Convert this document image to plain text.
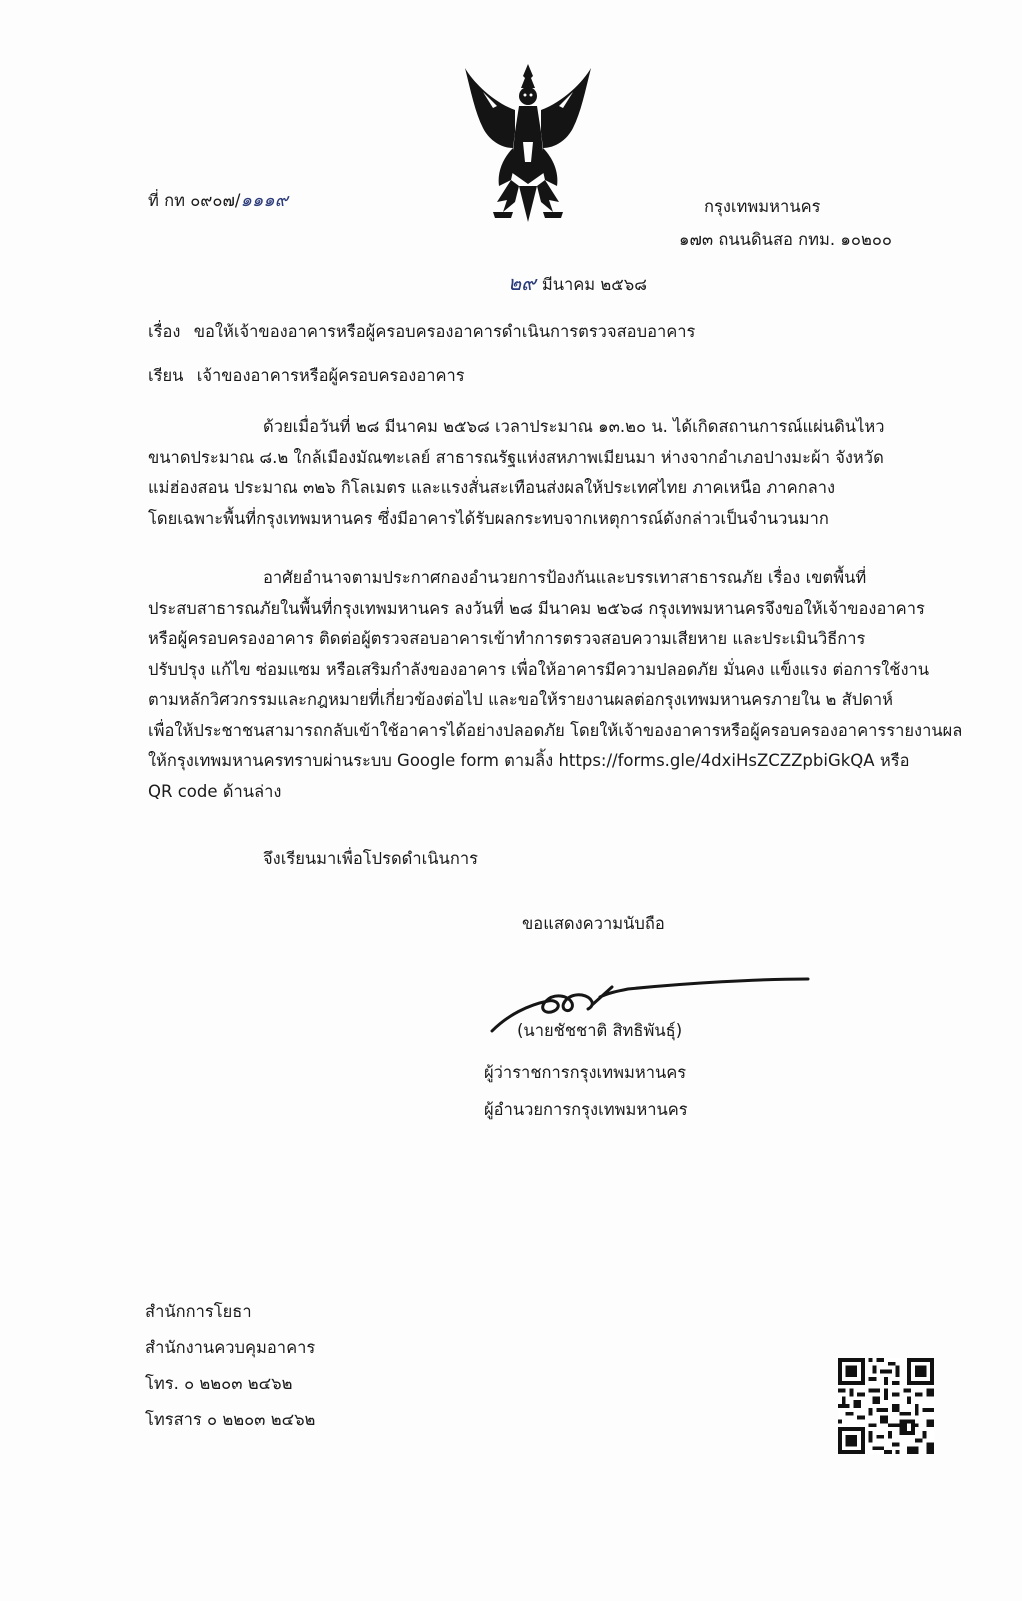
ที่ กท ๐๙๐๗/๑๑๑๙	กรุงเทพมหานคร
๑๗๓ ถนนดินสอ กทม. ๑๐๒๐๐
๒๙ มีนาคม ๒๕๖๘
เรื่อง ขอให้เจ้าของอาคารหรือผู้ครอบครองอาคารดำเนินการตรวจสอบอาคาร
เรียน เจ้าของอาคารหรือผู้ครอบครองอาคาร
ด้วยเมื่อวันที่ ๒๘ มีนาคม ๒๕๖๘ เวลาประมาณ ๑๓.๒๐ น. ได้เกิดสถานการณ์แผ่นดินไหว
ขนาดประมาณ ๘.๒ ใกล้เมืองมัณฑะเลย์ สาธารณรัฐแห่งสหภาพเมียนมา ห่างจากอำเภอปางมะผ้า จังหวัด
แม่ฮ่องสอน ประมาณ ๓๒๖ กิโลเมตร และแรงสั่นสะเทือนส่งผลให้ประเทศไทย ภาคเหนือ ภาคกลาง
โดยเฉพาะพื้นที่กรุงเทพมหานคร ซึ่งมีอาคารได้รับผลกระทบจากเหตุการณ์ดังกล่าวเป็นจำนวนมาก
อาศัยอำนาจตามประกาศกองอำนวยการป้องกันและบรรเทาสาธารณภัย เรื่อง เขตพื้นที่
ประสบสาธารณภัยในพื้นที่กรุงเทพมหานคร ลงวันที่ ๒๘ มีนาคม ๒๕๖๘ กรุงเทพมหานครจึงขอให้เจ้าของอาคาร
หรือผู้ครอบครองอาคาร ติดต่อผู้ตรวจสอบอาคารเข้าทำการตรวจสอบความเสียหาย และประเมินวิธีการ
ปรับปรุง แก้ไข ซ่อมแซม หรือเสริมกำลังของอาคาร เพื่อให้อาคารมีความปลอดภัย มั่นคง แข็งแรง ต่อการใช้งาน
ตามหลักวิศวกรรมและกฎหมายที่เกี่ยวข้องต่อไป และขอให้รายงานผลต่อกรุงเทพมหานครภายใน ๒ สัปดาห์
เพื่อให้ประชาชนสามารถกลับเข้าใช้อาคารได้อย่างปลอดภัย โดยให้เจ้าของอาคารหรือผู้ครอบครองอาคารรายงานผล
ให้กรุงเทพมหานครทราบผ่านระบบ Google form ตามลิ้ง https://forms.gle/4dxiHsZCZZpbiGkQA หรือ
QR code ด้านล่าง
จึงเรียนมาเพื่อโปรดดำเนินการ
ขอแสดงความนับถือ
(นายชัชชาติ สิทธิพันธุ์)
ผู้ว่าราชการกรุงเทพมหานคร
ผู้อำนวยการกรุงเทพมหานคร
สำนักการโยธา
สำนักงานควบคุมอาคาร
โทร. ๐ ๒๒๐๓ ๒๔๖๒
โทรสาร ๐ ๒๒๐๓ ๒๔๖๒
